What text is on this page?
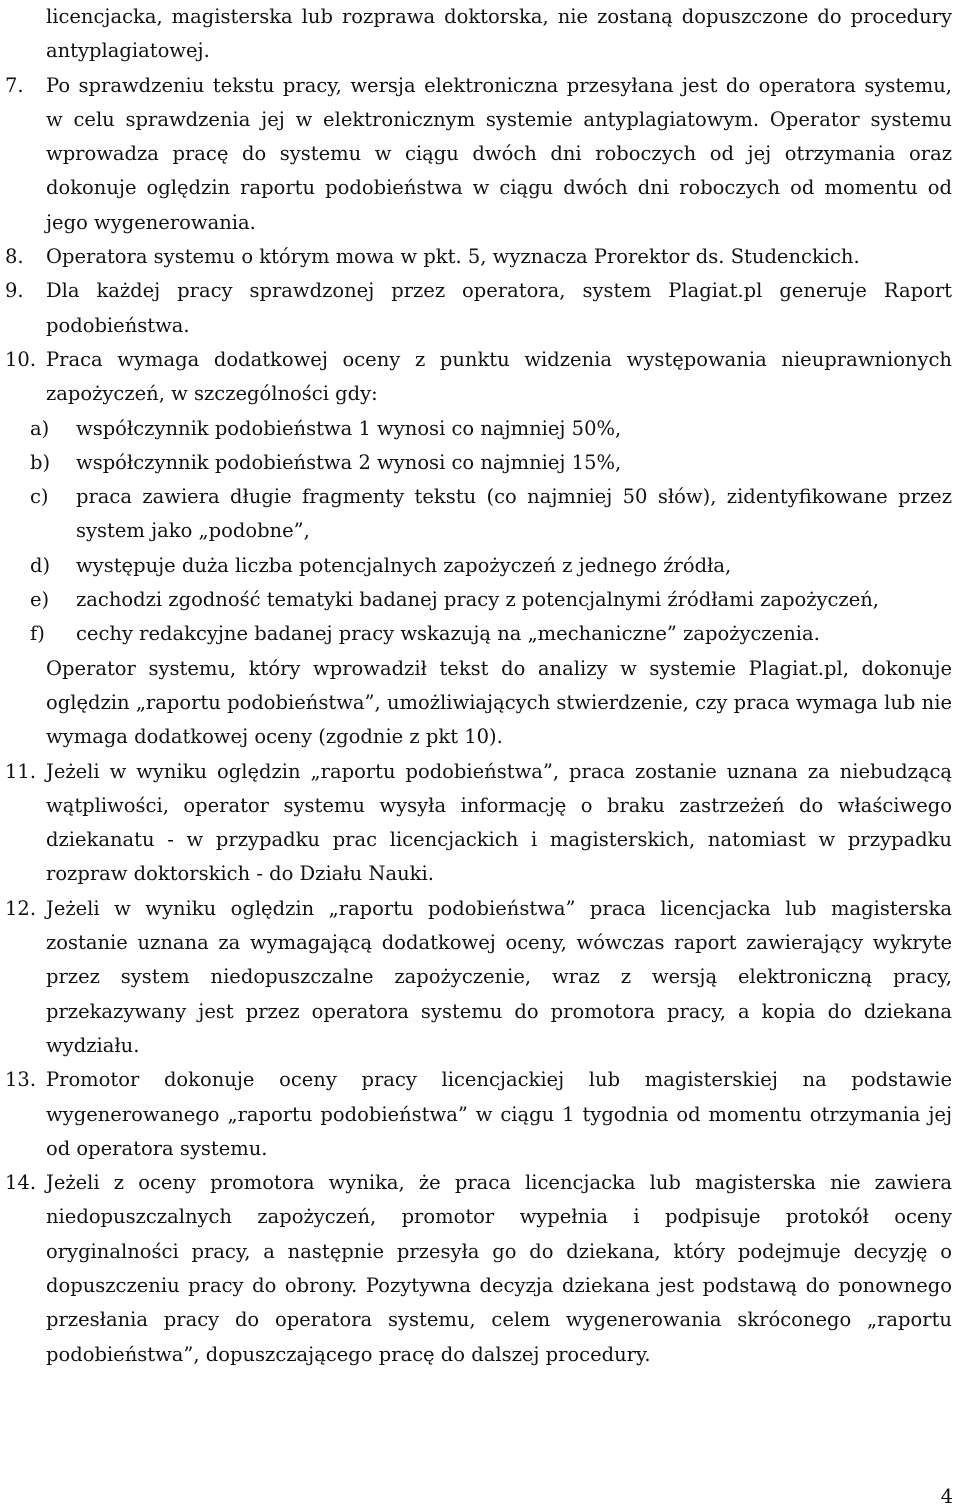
licencjacka, magisterska lub rozprawa doktorska, nie zostaną dopuszczone do procedury antyplagiatowej.

7. Po sprawdzeniu tekstu pracy, wersja elektroniczna przesyłana jest do operatora systemu, w celu sprawdzenia jej w elektronicznym systemie antyplagiatowym. Operator systemu wprowadza pracę do systemu w ciągu dwóch dni roboczych od jej otrzymania oraz dokonuje oględzin raportu podobieństwa w ciągu dwóch dni roboczych od momentu od jego wygenerowania.

8. Operatora systemu o którym mowa w pkt. 5, wyznacza Prorektor ds. Studenckich.

9. Dla każdej pracy sprawdzonej przez operatora, system Plagiat.pl generuje Raport podobieństwa.

10. Praca wymaga dodatkowej oceny z punktu widzenia występowania nieuprawnionych zapożyczeń, w szczególności gdy:

a) współczynnik podobieństwa 1 wynosi co najmniej 50%,

b) współczynnik podobieństwa 2 wynosi co najmniej 15%,

c) praca zawiera długie fragmenty tekstu (co najmniej 50 słów), zidentyfikowane przez system jako „podobne”,

d) występuje duża liczba potencjalnych zapożyczeń z jednego źródła,

e) zachodzi zgodność tematyki badanej pracy z potencjalnymi źródłami zapożyczeń,

f) cechy redakcyjne badanej pracy wskazują na „mechaniczne” zapożyczenia.

Operator systemu, który wprowadził tekst do analizy w systemie Plagiat.pl, dokonuje oględzin „raportu podobieństwa”, umożliwiających stwierdzenie, czy praca wymaga lub nie wymaga dodatkowej oceny (zgodnie z pkt 10).

11. Jeżeli w wyniku oględzin „raportu podobieństwa”, praca zostanie uznana za niebudzącą wątpliwości, operator systemu wysyła informację o braku zastrzeżeń do właściwego dziekanatu - w przypadku prac licencjackich i magisterskich, natomiast w przypadku rozpraw doktorskich - do Działu Nauki.

12. Jeżeli w wyniku oględzin „raportu podobieństwa” praca licencjacka lub magisterska zostanie uznana za wymagającą dodatkowej oceny, wówczas raport zawierający wykryte przez system niedopuszczalne zapożyczenie, wraz z wersją elektroniczną pracy, przekazywany jest przez operatora systemu do promotora pracy, a kopia do dziekana wydziału.

13. Promotor dokonuje oceny pracy licencjackiej lub magisterskiej na podstawie wygenerowanego „raportu podobieństwa” w ciągu 1 tygodnia od momentu otrzymania jej od operatora systemu.

14. Jeżeli z oceny promotora wynika, że praca licencjacka lub magisterska nie zawiera niedopuszczalnych zapożyczeń, promotor wypełnia i podpisuje protokół oceny oryginalności pracy, a następnie przesyła go do dziekana, który podejmuje decyzję o dopuszczeniu pracy do obrony. Pozytywna decyzja dziekana jest podstawą do ponownego przesłania pracy do operatora systemu, celem wygenerowania skróconego „raportu podobieństwa”, dopuszczającego pracę do dalszej procedury.

4
